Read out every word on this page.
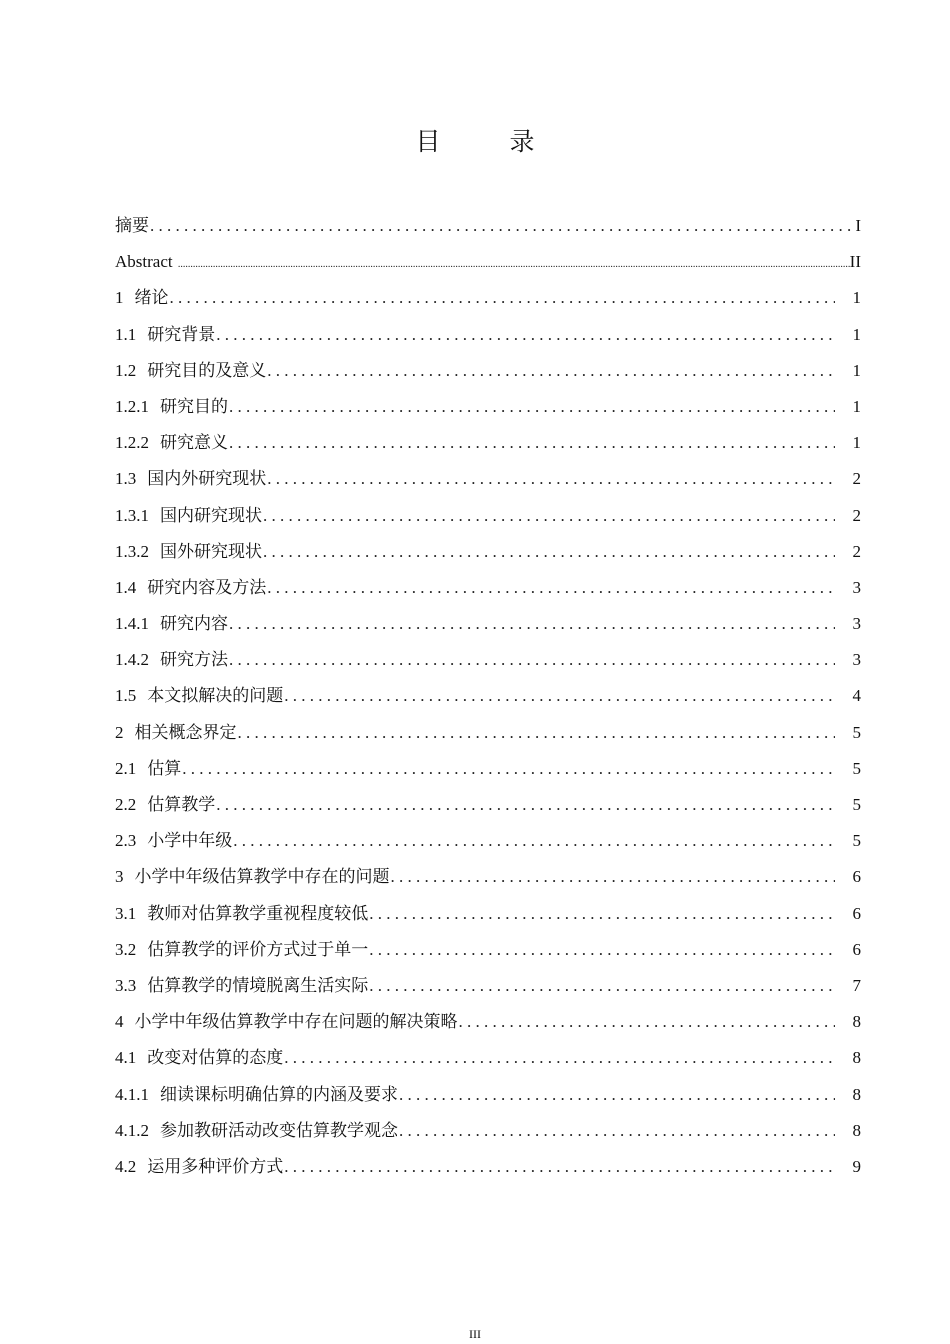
目　录
摘要 . . .	I
Abstract .....	II
1 绪论 . . .	1
1.1 研究背景 . . .	1
1.2 研究目的及意义 . . .	1
1.2.1 研究目的 . . .	1
1.2.2 研究意义 . . .	1
1.3 国内外研究现状 . . .	2
1.3.1 国内研究现状 . . .	2
1.3.2 国外研究现状 . . .	2
1.4 研究内容及方法 . . .	3
1.4.1 研究内容 . . .	3
1.4.2 研究方法 . . .	3
1.5 本文拟解决的问题 . . .	4
2 相关概念界定 . . .	5
2.1 估算 . . .	5
2.2 估算教学 . . .	5
2.3 小学中年级 . . .	5
3 小学中年级估算教学中存在的问题 . . .	6
3.1 教师对估算教学重视程度较低 . . .	6
3.2 估算教学的评价方式过于单一 . . .	6
3.3 估算教学的情境脱离生活实际 . . .	7
4 小学中年级估算教学中存在问题的解决策略 . . .	8
4.1 改变对估算的态度 . . .	8
4.1.1 细读课标明确估算的内涵及要求 . . .	8
4.1.2 参加教研活动改变估算教学观念 . . .	8
4.2 运用多种评价方式 . . .	9
III
